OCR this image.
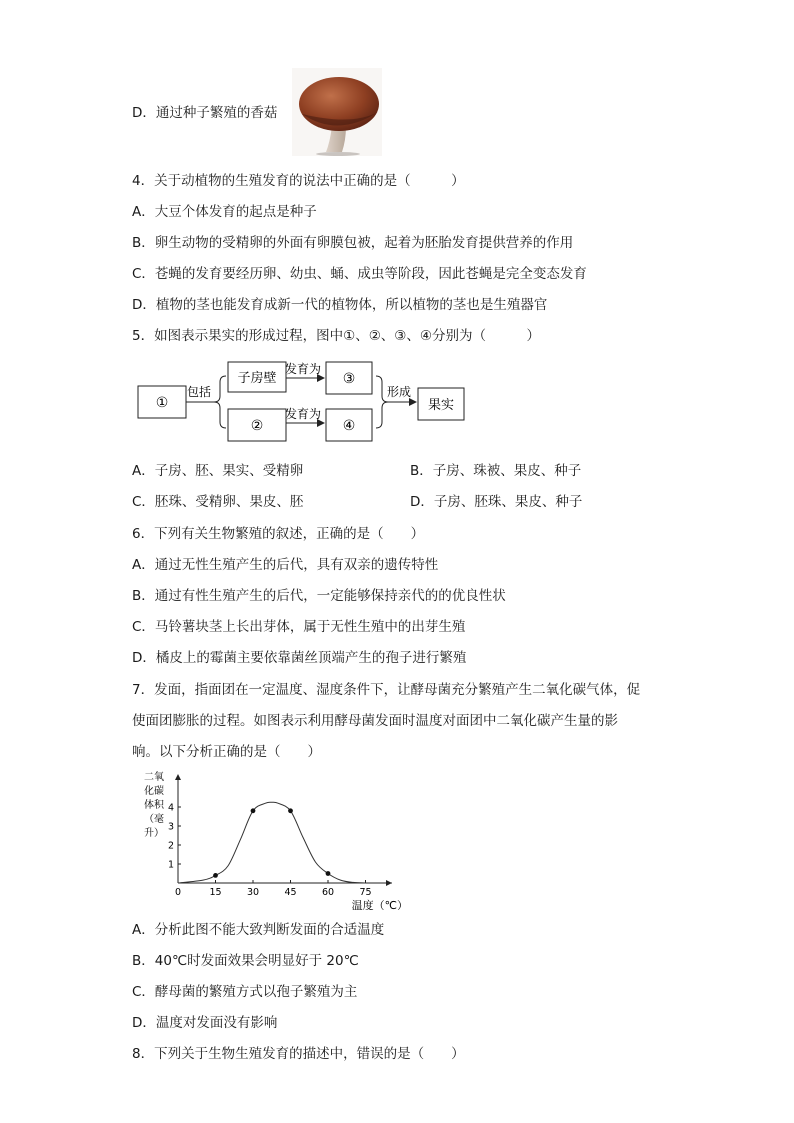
D．通过种子繁殖的香菇
4．关于动植物的生殖发育的说法中正确的是（　　　）
A．大豆个体发育的起点是种子
B．卵生动物的受精卵的外面有卵膜包被，起着为胚胎发育提供营养的作用
C．苍蝇的发育要经历卵、幼虫、蛹、成虫等阶段，因此苍蝇是完全变态发育
D．植物的茎也能发育成新一代的植物体，所以植物的茎也是生殖器官
5．如图表示果实的形成过程，图中①、②、③、④分别为（　　　）
①
包括
子房壁
②
发育为
发育为
③
④
形成
果实
A．子房、胚、果实、受精卵	B．子房、珠被、果皮、种子
C．胚珠、受精卵、果皮、胚	D．子房、胚珠、果皮、种子
6．下列有关生物繁殖的叙述，正确的是（　　）
A．通过无性生殖产生的后代，具有双亲的遗传特性
B．通过有性生殖产生的后代，一定能够保持亲代的的优良性状
C．马铃薯块茎上长出芽体，属于无性生殖中的出芽生殖
D．橘皮上的霉菌主要依靠菌丝顶端产生的孢子进行繁殖
7．发面，指面团在一定温度、湿度条件下，让酵母菌充分繁殖产生二氧化碳气体，促
使面团膨胀的过程。如图表示利用酵母菌发面时温度对面团中二氧化碳产生量的影
响。以下分析正确的是（　　）
二氧
化碳
体积
（毫
升）
0	15	30	45	60	75
1
2
3
4
温度（℃）
A．分析此图不能大致判断发面的合适温度
B．40℃时发面效果会明显好于 20℃
C．酵母菌的繁殖方式以孢子繁殖为主
D．温度对发面没有影响
8．下列关于生物生殖发育的描述中，错误的是（　　）
